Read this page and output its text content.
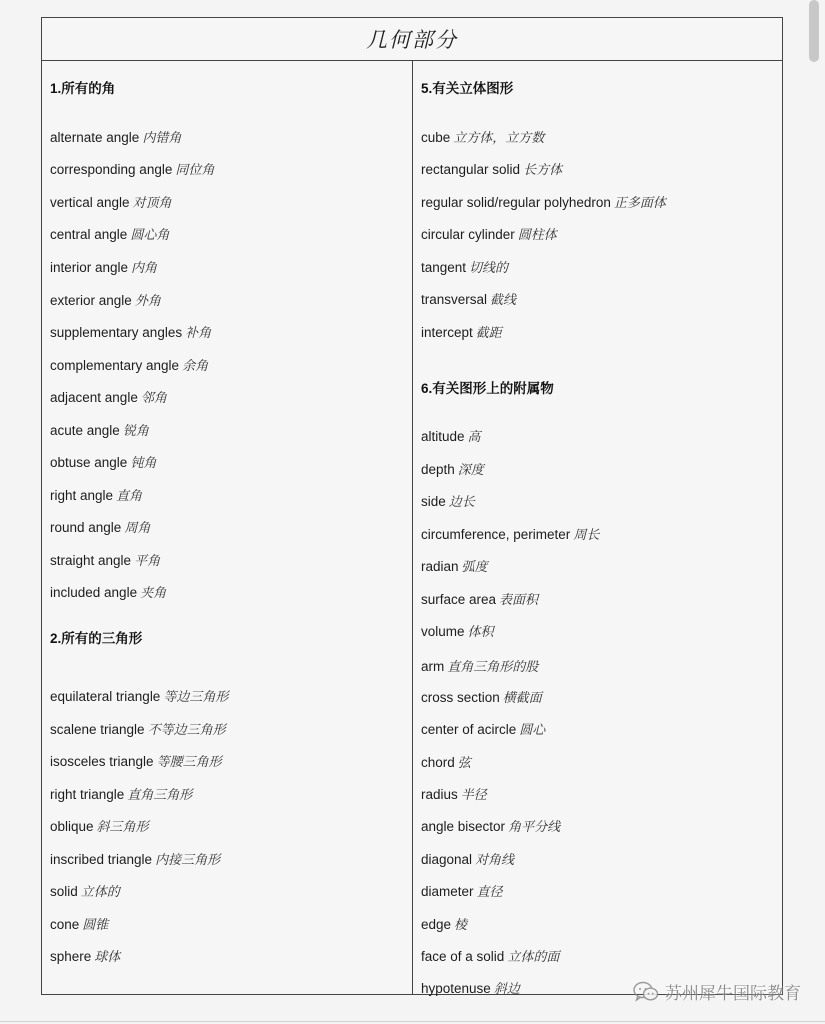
几何部分
1.所有的角
alternate angle 内错角
corresponding angle 同位角
vertical angle 对顶角
central angle 圆心角
interior angle 内角
exterior angle 外角
supplementary angles 补角
complementary angle 余角
adjacent angle 邻角
acute angle 锐角
obtuse angle 钝角
right angle 直角
round angle 周角
straight angle 平角
included angle 夹角
2.所有的三角形
equilateral triangle 等边三角形
scalene triangle 不等边三角形
isosceles triangle 等腰三角形
right triangle 直角三角形
oblique 斜三角形
inscribed triangle 内接三角形
solid 立体的
cone 圆锥
sphere 球体
5.有关立体图形
cube 立方体，立方数
rectangular solid 长方体
regular solid/regular polyhedron 正多面体
circular cylinder 圆柱体
tangent 切线的
transversal 截线
intercept 截距
6.有关图形上的附属物
altitude 高
depth 深度
side 边长
circumference, perimeter 周长
radian 弧度
surface area 表面积
volume 体积
arm 直角三角形的股
cross section 横截面
center of acircle 圆心
chord 弦
radius 半径
angle bisector 角平分线
diagonal 对角线
diameter 直径
edge 棱
face of a solid 立体的面
hypotenuse 斜边	苏州犀牛国际教育
